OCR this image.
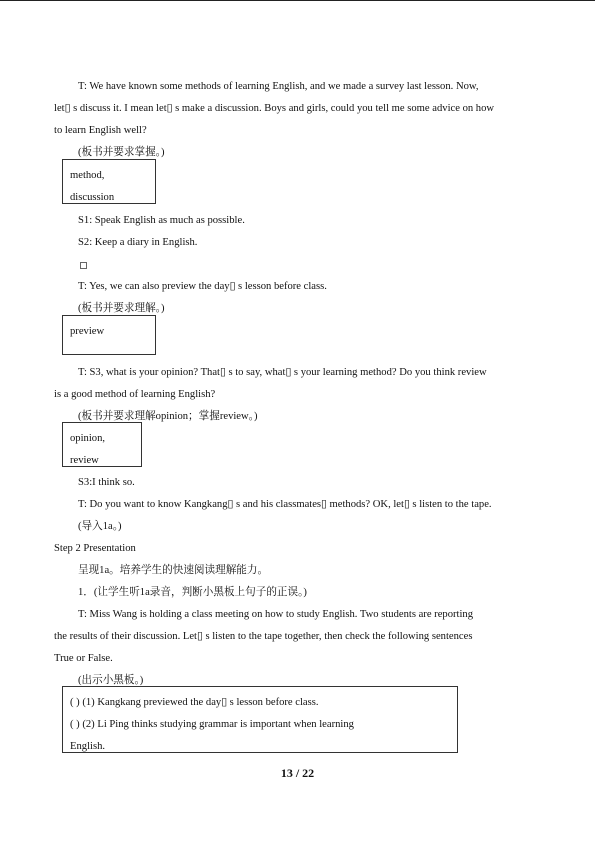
T: We have known some methods of learning English, and we made a survey last lesson. Now,
let▯ s discuss it. I mean let▯ s make a discussion. Boys and girls, could you tell me some advice on how
to learn English well?
(板书并要求掌握。)
method,
discussion
S1: Speak English as much as possible.
S2: Keep a diary in English.
T: Yes, we can also preview the day▯ s lesson before class.
(板书并要求理解。)
preview
T: S3, what is your opinion? That▯ s to say, what▯ s your learning method? Do you think review
is a good method of learning English?
(板书并要求理解opinion；掌握review。)
opinion,
review
S3:I think so.
T: Do you want to know Kangkang▯ s and his classmates▯ methods? OK, let▯ s listen to the tape.
(导入1a。)
Step 2 Presentation
呈现1a。培养学生的快速阅读理解能力。
1．(让学生听1a录音，判断小黑板上句子的正误。)
T: Miss Wang is holding a class meeting on how to study English. Two students are reporting
the results of their discussion. Let▯ s listen to the tape together, then check the following sentences
True or False.
(出示小黑板。)
( ) (1) Kangkang previewed the day▯ s lesson before class.
( ) (2) Li Ping thinks studying grammar is important when learning
English.
13 / 22
